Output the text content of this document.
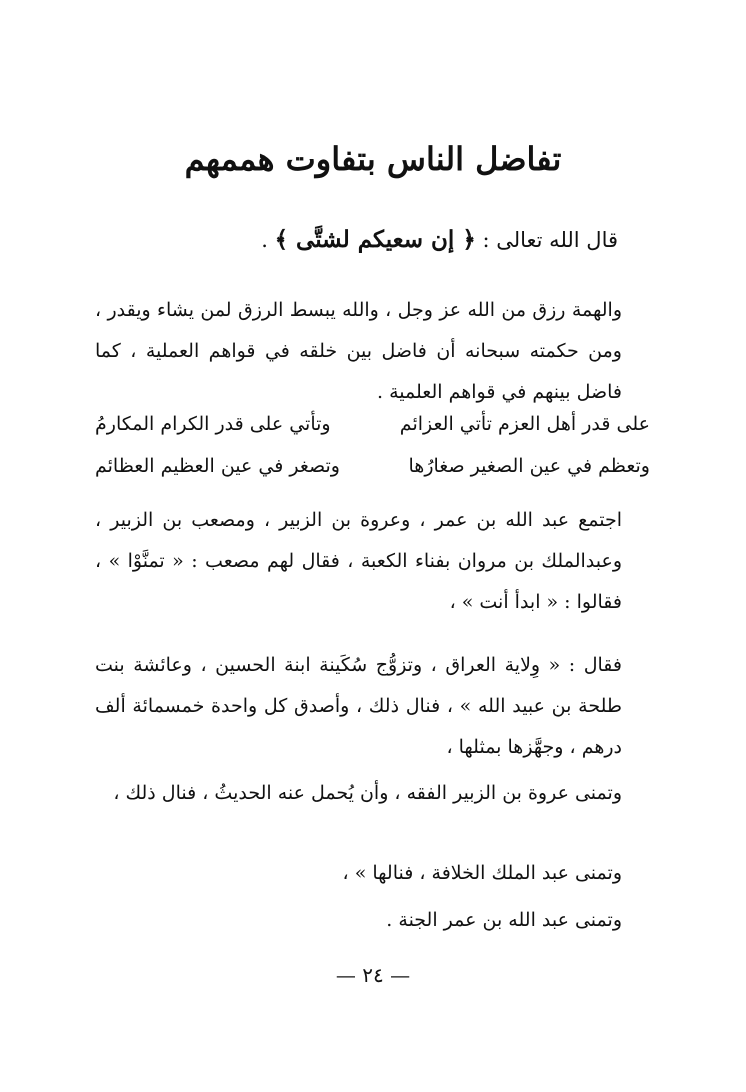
تفاضل الناس بتفاوت هممهم
قال الله تعالى : ﴿ إن سعيكم لشتَّى ﴾ .

والهمة رزق من الله عز وجل ، والله يبسط الرزق لمن يشاء ويقدر ، ومن حكمته سبحانه أن فاضل بين خلقه في قواهم العملية ، كما فاضل بينهم في قواهم العلمية .

على قدر أهل العزم تأتي العزائم
وتأتي على قدر الكرام المكارمُ
وتعظم في عين الصغير صغارُها
وتصغر في عين العظيم العظائم

اجتمع عبد الله بن عمر ، وعروة بن الزبير ، ومصعب بن الزبير ، وعبدالملك بن مروان بفناء الكعبة ، فقال لهم مصعب : « تمنَّوْا » ، فقالوا : « ابدأ أنت » ،

فقال : « وِلاية العراق ، وتزوُّج سُكَينة ابنة الحسين ، وعائشة بنت طلحة بن عبيد الله » ، فنال ذلك ، وأصدق كل واحدة خمسمائة ألف درهم ، وجهَّزها بمثلها ،

وتمنى عروة بن الزبير الفقه ، وأن يُحمل عنه الحديثُ ، فنال ذلك ،

وتمنى عبد الملك الخلافة ، فنالها » ،

وتمنى عبد الله بن عمر الجنة .

— ٢٤ —
